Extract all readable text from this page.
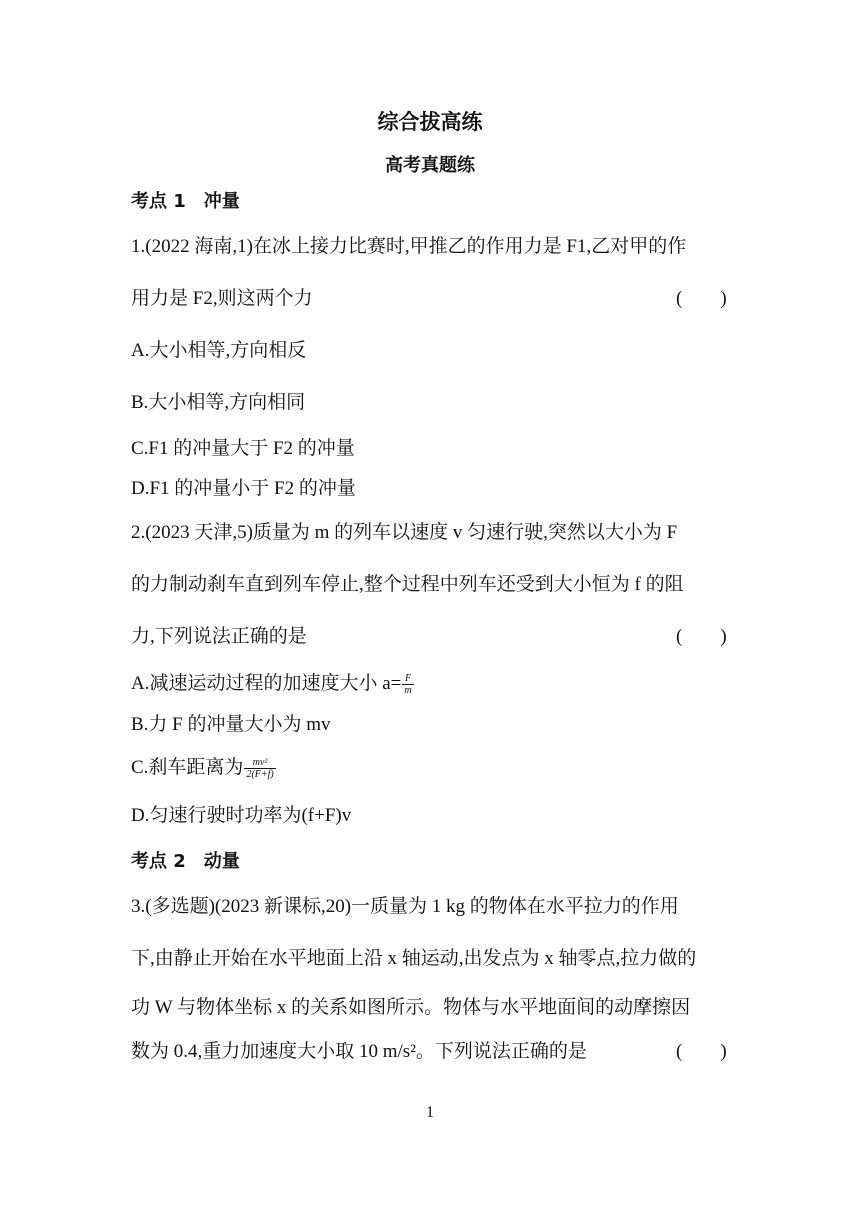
综合拔高练
高考真题练
考点 1　冲量
1.(2022 海南,1)在冰上接力比赛时,甲推乙的作用力是 F1,乙对甲的作
用力是 F2,则这两个力	(　　)
A.大小相等,方向相反
B.大小相等,方向相同
C.F1 的冲量大于 F2 的冲量
D.F1 的冲量小于 F2 的冲量
2.(2023 天津,5)质量为 m 的列车以速度 v 匀速行驶,突然以大小为 F
的力制动刹车直到列车停止,整个过程中列车还受到大小恒为 f 的阻
力,下列说法正确的是	(　　)
A.减速运动过程的加速度大小 $a= \frac{F}{m}$
B.力 F 的冲量大小为 mv
C.刹车距离为 $\frac{\text{mv²}}{2(F+f)}$
D.匀速行驶时功率为(f+F)v
考点 2　动量
3.(多选题)(2023 新课标,20)一质量为 1 kg 的物体在水平拉力的作用
下,由静止开始在水平地面上沿 x 轴运动,出发点为 x 轴零点,拉力做的
功 W 与物体坐标 x 的关系如图所示。物体与水平地面间的动摩擦因
数为 0.4,重力加速度大小取 10 m/s²。下列说法正确的是	(　　)
1
